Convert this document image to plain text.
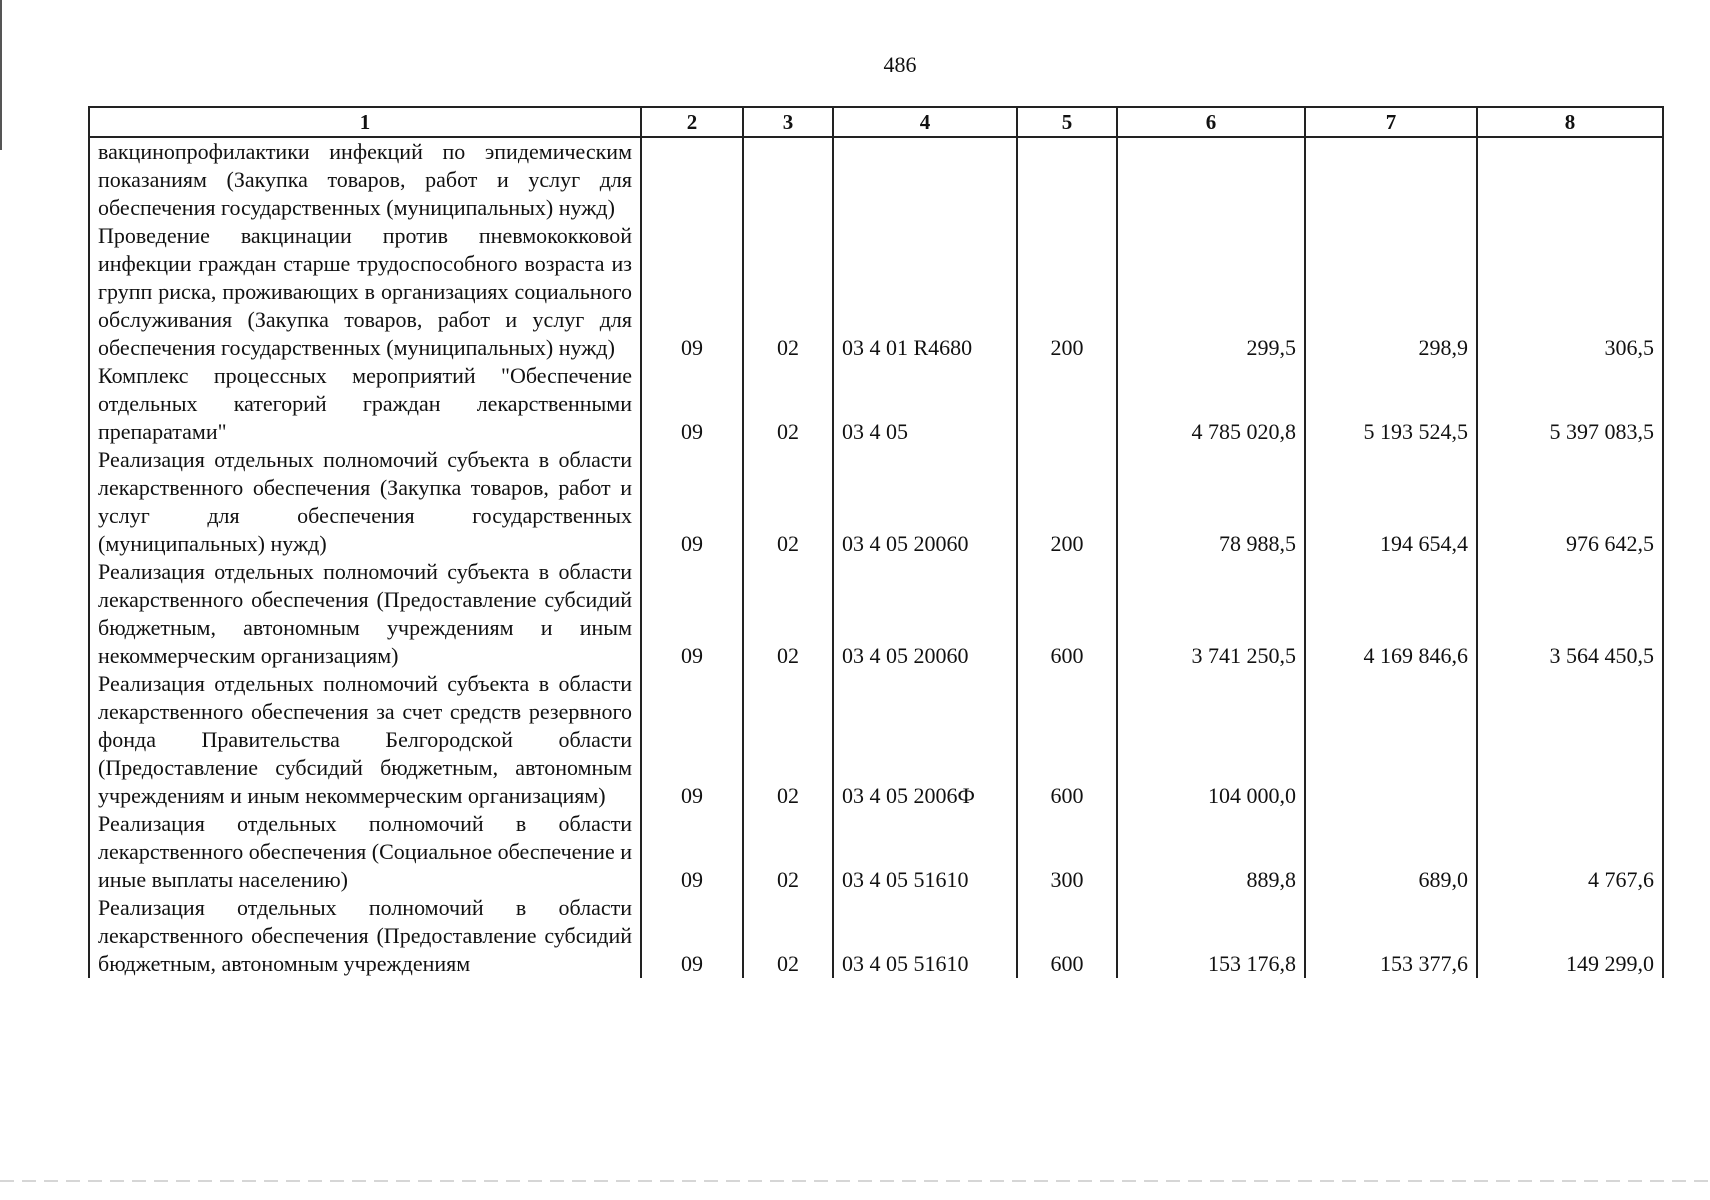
486
1	2	3	4	5	6	7	8
вакцинопрофилактики инфекций по эпидемическим показаниям (Закупка товаров, работ и услуг для обеспечения государственных (муниципальных) нужд)							
Проведение вакцинации против пневмококковой инфекции граждан старше трудоспособного возраста из групп риска, проживающих в организациях социального обслуживания (Закупка товаров, работ и услуг для обеспечения государственных (муниципальных) нужд)	09	02	03 4 01 R4680	200	299,5	298,9	306,5
Комплекс процессных мероприятий "Обеспечение отдельных категорий граждан лекарственными препаратами"	09	02	03 4 05		4 785 020,8	5 193 524,5	5 397 083,5
Реализация отдельных полномочий субъекта в области лекарственного обеспечения (Закупка товаров, работ и услуг для обеспечения государственных (муниципальных) нужд)	09	02	03 4 05 20060	200	78 988,5	194 654,4	976 642,5
Реализация отдельных полномочий субъекта в области лекарственного обеспечения (Предоставление субсидий бюджетным, автономным учреждениям и иным некоммерческим организациям)	09	02	03 4 05 20060	600	3 741 250,5	4 169 846,6	3 564 450,5
Реализация отдельных полномочий субъекта в области лекарственного обеспечения за счет средств резервного фонда Правительства Белгородской области (Предоставление субсидий бюджетным, автономным учреждениям и иным некоммерческим организациям)	09	02	03 4 05 2006Ф	600	104 000,0		
Реализация отдельных полномочий в области лекарственного обеспечения (Социальное обеспечение и иные выплаты населению)	09	02	03 4 05 51610	300	889,8	689,0	4 767,6
Реализация отдельных полномочий в области лекарственного обеспечения (Предоставление субсидий бюджетным, автономным учреждениям	09	02	03 4 05 51610	600	153 176,8	153 377,6	149 299,0
